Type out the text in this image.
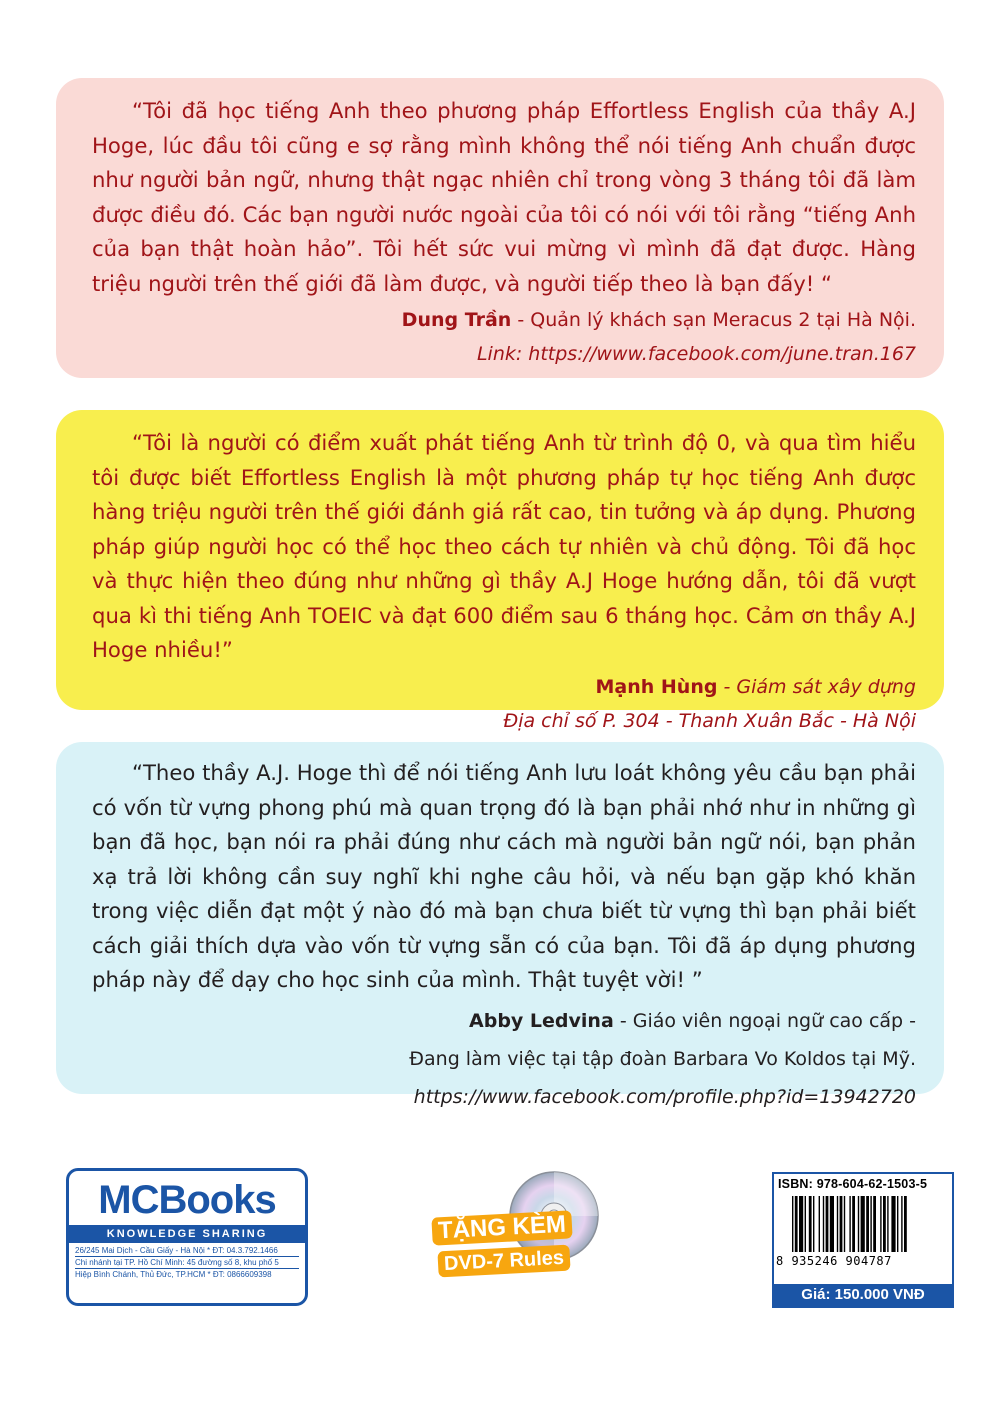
“Tôi đã học tiếng Anh theo phương pháp Effortless English của thầy A.J Hoge, lúc đầu tôi cũng e sợ rằng mình không thể nói tiếng Anh chuẩn được như người bản ngữ, nhưng thật ngạc nhiên chỉ trong vòng 3 tháng tôi đã làm được điều đó. Các bạn người nước ngoài của tôi có nói với tôi rằng “tiếng Anh của bạn thật hoàn hảo”. Tôi hết sức vui mừng vì mình đã đạt được. Hàng triệu người trên thế giới đã làm được, và người tiếp theo là bạn đấy! “

Dung Trần - Quản lý khách sạn Meracus 2 tại Hà Nội.
Link: https://www.facebook.com/june.tran.167

“Tôi là người có điểm xuất phát tiếng Anh từ trình độ 0, và qua tìm hiểu tôi được biết Effortless English là một phương pháp tự học tiếng Anh được hàng triệu người trên thế giới đánh giá rất cao, tin tưởng và áp dụng. Phương pháp giúp người học có thể học theo cách tự nhiên và chủ động. Tôi đã học và thực hiện theo đúng như những gì thầy A.J Hoge hướng dẫn, tôi đã vượt qua kì thi tiếng Anh TOEIC và đạt 600 điểm sau 6 tháng học. Cảm ơn thầy A.J Hoge nhiều!”

Mạnh Hùng - Giám sát xây dựng
Địa chỉ số P. 304 - Thanh Xuân Bắc - Hà Nội

“Theo thầy A.J. Hoge thì để nói tiếng Anh lưu loát không yêu cầu bạn phải có vốn từ vựng phong phú mà quan trọng đó là bạn phải nhớ như in những gì bạn đã học, bạn nói ra phải đúng như cách mà người bản ngữ nói, bạn phản xạ trả lời không cần suy nghĩ khi nghe câu hỏi, và nếu bạn gặp khó khăn trong việc diễn đạt một ý nào đó mà bạn chưa biết từ vựng thì bạn phải biết cách giải thích dựa vào vốn từ vựng sẵn có của bạn. Tôi đã áp dụng phương pháp này để dạy cho học sinh của mình. Thật tuyệt vời! ”

Abby Ledvina - Giáo viên ngoại ngữ cao cấp -
Đang làm việc tại tập đoàn Barbara Vo Koldos tại Mỹ.
https://www.facebook.com/profile.php?id=13942720
MCBooks
KNOWLEDGE SHARING
26/245 Mai Dịch - Cầu Giấy - Hà Nội * ĐT: 04.3.792.1466
Chi nhánh tại TP. Hồ Chí Minh: 45 đường số 8, khu phố 5
Hiệp Bình Chánh, Thủ Đức, TP.HCM * ĐT: 0866609398
TẶNG KÈM
DVD-7 Rules
ISBN: 978-604-62-1503-5
8 935246 904787
Giá: 150.000 VNĐ
